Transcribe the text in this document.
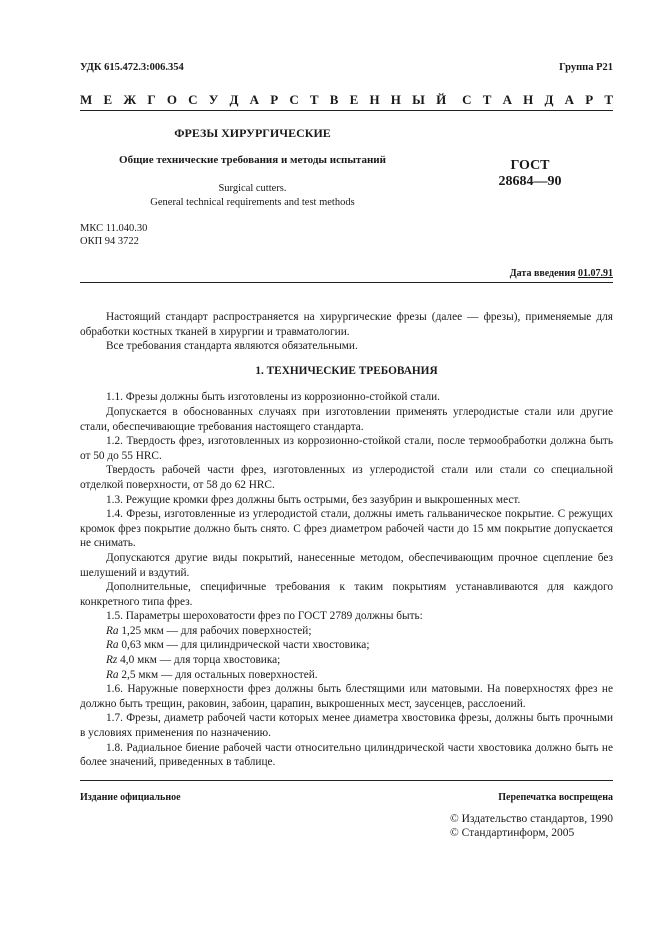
УДК 615.472.3:006.354	Группа Р21
М Е Ж Г О С У Д А Р С Т В Е Н Н Ы Й С Т А Н Д А Р Т
ФРЕЗЫ ХИРУРГИЧЕСКИЕ
Общие технические требования и методы испытаний
Surgical cutters.
General technical requirements and test methods
ГОСТ
28684—90
МКС 11.040.30
ОКП 94 3722
Дата введения 01.07.91

Настоящий стандарт распространяется на хирургические фрезы (далее — фрезы), применяемые для обработки костных тканей в хирургии и травматологии.

Все требования стандарта являются обязательными.

1. ТЕХНИЧЕСКИЕ ТРЕБОВАНИЯ

1.1. Фрезы должны быть изготовлены из коррозионно-стойкой стали.

Допускается в обоснованных случаях при изготовлении применять углеродистые стали или другие стали, обеспечивающие требования настоящего стандарта.

1.2. Твердость фрез, изготовленных из коррозионно-стойкой стали, после термообработки должна быть от 50 до 55 HRC.

Твердость рабочей части фрез, изготовленных из углеродистой стали или стали со специальной отделкой поверхности, от 58 до 62 HRC.

1.3. Режущие кромки фрез должны быть острыми, без зазубрин и выкрошенных мест.

1.4. Фрезы, изготовленные из углеродистой стали, должны иметь гальваническое покрытие. С режущих кромок фрез покрытие должно быть снято. С фрез диаметром рабочей части до 15 мм покрытие допускается не снимать.

Допускаются другие виды покрытий, нанесенные методом, обеспечивающим прочное сцепление без шелушений и вздутий.

Дополнительные, специфичные требования к таким покрытиям устанавливаются для каждого конкретного типа фрез.

1.5. Параметры шероховатости фрез по ГОСТ 2789 должны быть:

Ra 1,25 мкм — для рабочих поверхностей;

Ra 0,63 мкм — для цилиндрической части хвостовика;

Rz 4,0 мкм — для торца хвостовика;

Ra 2,5 мкм — для остальных поверхностей.

1.6. Наружные поверхности фрез должны быть блестящими или матовыми. На поверхностях фрез не должно быть трещин, раковин, забоин, царапин, выкрошенных мест, заусенцев, расслоений.

1.7. Фрезы, диаметр рабочей части которых менее диаметра хвостовика фрезы, должны быть прочными в условиях применения по назначению.

1.8. Радиальное биение рабочей части относительно цилиндрической части хвостовика должно быть не более значений, приведенных в таблице.

Издание официальное	Перепечатка воспрещена
© Издательство стандартов, 1990
© Стандартинформ, 2005
